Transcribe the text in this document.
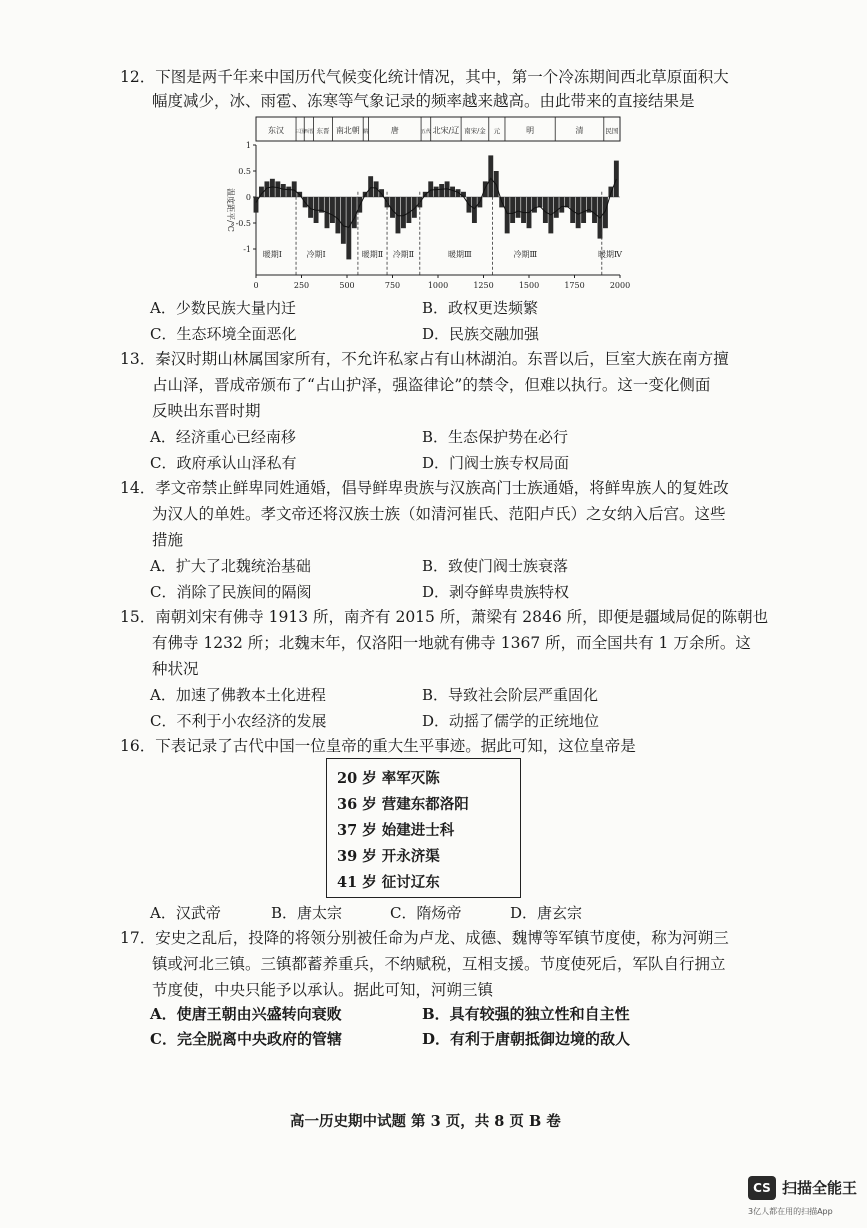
12．下图是两千年来中国历代气候变化统计情况，其中，第一个冷冻期间西北草原面积大
幅度减少，冰、雨雹、冻寒等气象记录的频率越来越高。由此带来的直接结果是
东汉 三国
西晋 东晋 南北朝 隋	唐	五代 北宋/辽 南宋/金 元	明	清	民国
1
0.5
0
-0.5
-1
温度距平/℃
0	250	500	750	1000	1250	1500	1750	2000
暖期Ⅰ	冷期Ⅰ	暖期Ⅱ 冷期Ⅱ	暖期Ⅲ	冷期Ⅲ	暖期Ⅳ
A．少数民族大量内迁	B．政权更迭频繁
C．生态环境全面恶化	D．民族交融加强
13．秦汉时期山林属国家所有，不允许私家占有山林湖泊。东晋以后，巨室大族在南方擅
占山泽，晋成帝颁布了“占山护泽，强盗律论”的禁令，但难以执行。这一变化侧面
反映出东晋时期
A．经济重心已经南移	B．生态保护势在必行
C．政府承认山泽私有	D．门阀士族专权局面
14．孝文帝禁止鲜卑同姓通婚，倡导鲜卑贵族与汉族高门士族通婚，将鲜卑族人的复姓改
为汉人的单姓。孝文帝还将汉族士族（如清河崔氏、范阳卢氏）之女纳入后宫。这些
措施
A．扩大了北魏统治基础	B．致使门阀士族衰落
C．消除了民族间的隔阂	D．剥夺鲜卑贵族特权
15．南朝刘宋有佛寺 1913 所，南齐有 2015 所，萧梁有 2846 所，即便是疆域局促的陈朝也
有佛寺 1232 所；北魏末年，仅洛阳一地就有佛寺 1367 所，而全国共有 1 万余所。这
种状况
A．加速了佛教本土化进程	B．导致社会阶层严重固化
C．不利于小农经济的发展	D．动摇了儒学的正统地位
16．下表记录了古代中国一位皇帝的重大生平事迹。据此可知，这位皇帝是
20 岁 率军灭陈
36 岁 营建东都洛阳
37 岁 始建进士科
39 岁 开永济渠
41 岁 征讨辽东
A．汉武帝	B．唐太宗	C．隋炀帝	D．唐玄宗
17．安史之乱后，投降的将领分别被任命为卢龙、成德、魏博等军镇节度使，称为河朔三
镇或河北三镇。三镇都蓄养重兵，不纳赋税，互相支援。节度使死后，军队自行拥立
节度使，中央只能予以承认。据此可知，河朔三镇
A．使唐王朝由兴盛转向衰败	B．具有较强的独立性和自主性
C．完全脱离中央政府的管辖	D．有利于唐朝抵御边境的敌人
高一历史期中试题 第 3 页，共 8 页 B 卷
CS 扫描全能王
3亿人都在用的扫描App
